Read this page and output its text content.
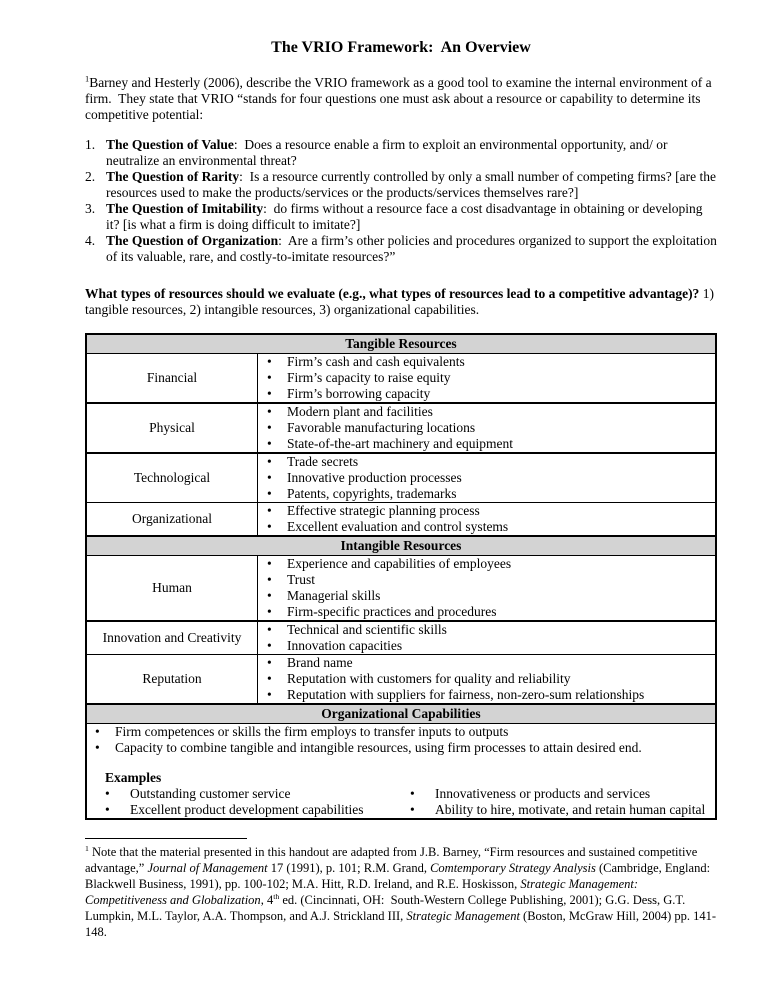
The VRIO Framework:  An Overview

$^1$Barney and Hesterly (2006), describe the VRIO framework as a good tool to examine the internal environment of a firm.  They state that VRIO “stands for four questions one must ask about a resource or capability to determine its competitive potential:

1. The Question of Value:  Does a resource enable a firm to exploit an environmental opportunity, and/ or neutralize an environmental threat?
2. The Question of Rarity:  Is a resource currently controlled by only a small number of competing firms? [are the resources used to make the products/services or the products/services themselves rare?]
3. The Question of Imitability:  do firms without a resource face a cost disadvantage in obtaining or developing it? [is what a firm is doing difficult to imitate?]
4. The Question of Organization:  Are a firm’s other policies and procedures organized to support the exploitation of its valuable, rare, and costly-to-imitate resources?”

What types of resources should we evaluate (e.g., what types of resources lead to a competitive advantage)? 1) tangible resources, 2) intangible resources, 3) organizational capabilities.

Tangible Resources	
Financial	
• Firm’s cash and cash equivalents
• Firm’s capacity to raise equity
• Firm’s borrowing capacity

Physical	
• Modern plant and facilities
• Favorable manufacturing locations
• State-of-the-art machinery and equipment

Technological	
• Trade secrets
• Innovative production processes
• Patents, copyrights, trademarks

Organizational	
• Effective strategic planning process
• Excellent evaluation and control systems

Intangible Resources	
Human	
• Experience and capabilities of employees
• Trust
• Managerial skills
• Firm-specific practices and procedures

Innovation and Creativity	
• Technical and scientific skills
• Innovation capacities

Reputation	
• Brand name
• Reputation with customers for quality and reliability
• Reputation with suppliers for fairness, non-zero-sum relationships

Organizational Capabilities	

• Firm competences or skills the firm employs to transfer inputs to outputs
• Capacity to combine tangible and intangible resources, using firm processes to attain desired end.
Examples
• Outstanding customer service
• Excellent product development capabilities
• Innovativeness or products and services
• Ability to hire, motivate, and retain human capital

$^1$ Note that the material presented in this handout are adapted from J.B. Barney, “Firm resources and sustained competitive advantage,” Journal of Management 17 (1991), p. 101; R.M. Grand, Comtemporary Strategy Analysis (Cambridge, England:  Blackwell Business, 1991), pp. 100-102; M.A. Hitt, R.D. Ireland, and R.E. Hoskisson, Strategic Management:  Competitiveness and Globalization, 4th ed. (Cincinnati, OH:  South-Western College Publishing, 2001); G.G. Dess, G.T. Lumpkin, M.L. Taylor, A.A. Thompson, and A.J. Strickland III, Strategic Management (Boston, McGraw Hill, 2004) pp. 141-148.
